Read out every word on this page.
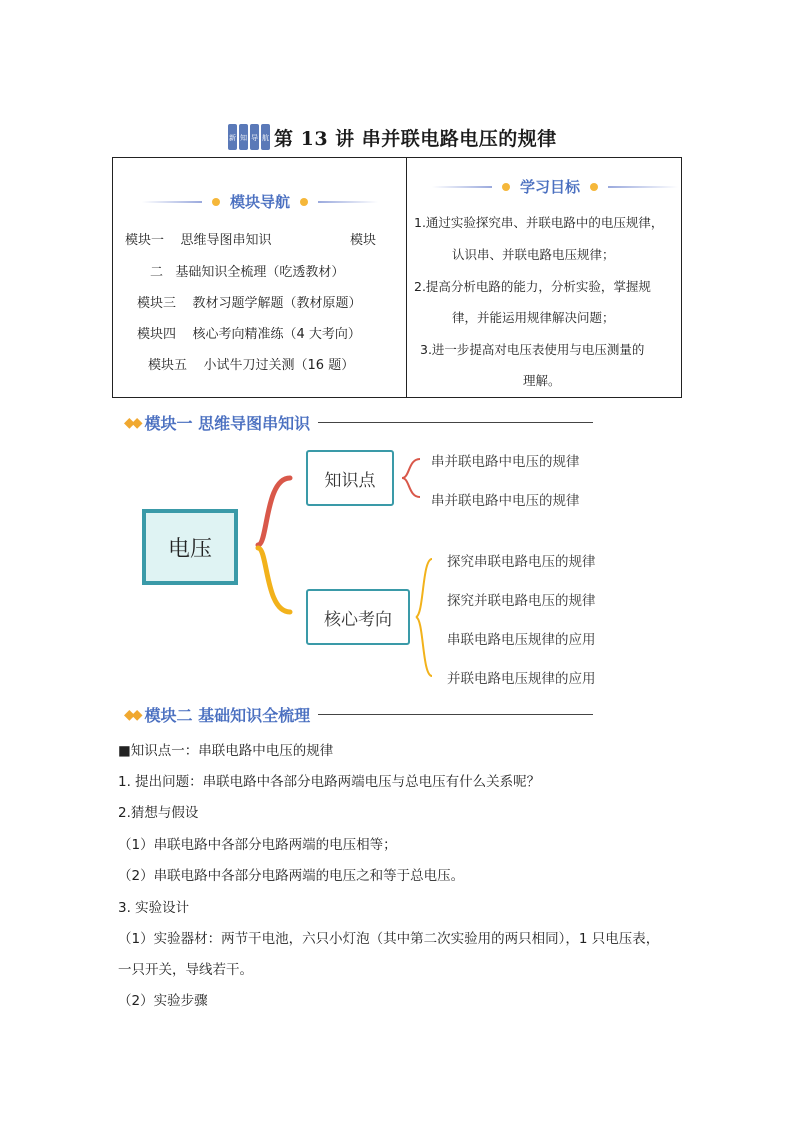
新 知 导 航 第 13 讲 串并联电路电压的规律
模块导航
模块一    思维导图串知识                   模块
二   基础知识全梳理（吃透教材）
模块三    教材习题学解题（教材原题）
模块四    核心考向精准练（4 大考向）
模块五    小试牛刀过关测（16 题）
学习目标
1.通过实验探究串、并联电路中的电压规律，
认识串、并联电路电压规律；
2.提高分析电路的能力，分析实验，掌握规
律，并能运用规律解决问题；
3.进一步提高对电压表使用与电压测量的
理解。
◆◆ 模块一 思维导图串知识
电压
知识点
核心考向
串并联电路中电压的规律
串并联电路中电压的规律
探究串联电路电压的规律
探究并联电路电压的规律
串联电路电压规律的应用
并联电路电压规律的应用
◆◆ 模块二 基础知识全梳理
■知识点一：串联电路中电压的规律
1. 提出问题：串联电路中各部分电路两端电压与总电压有什么关系呢？
2.猜想与假设
（1）串联电路中各部分电路两端的电压相等；
（2）串联电路中各部分电路两端的电压之和等于总电压。
3. 实验设计
（1）实验器材：两节干电池，六只小灯泡（其中第二次实验用的两只相同），1 只电压表，
一只开关，导线若干。
（2）实验步骤
